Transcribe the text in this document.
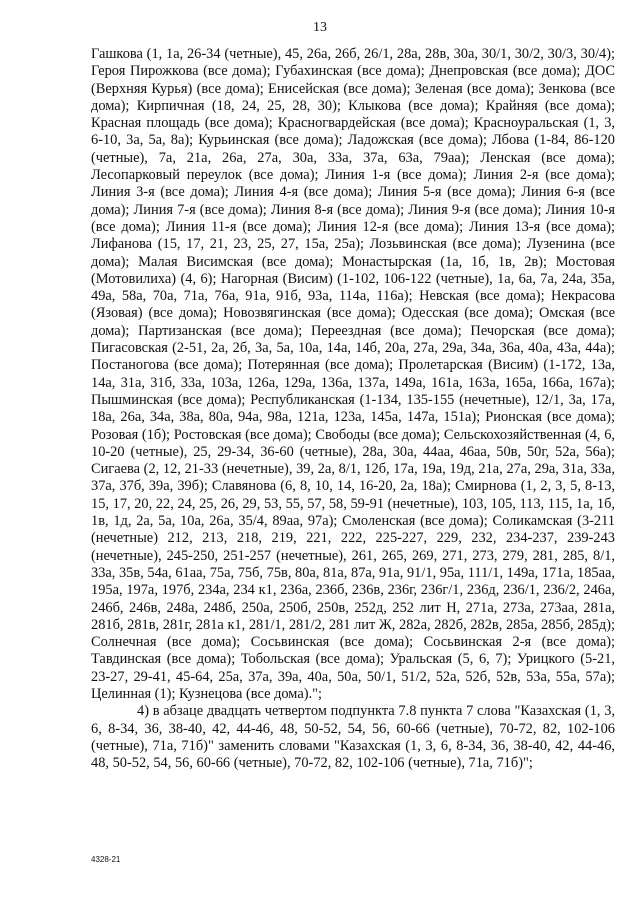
13

Гашкова (1, 1а, 26-34 (четные), 45, 26а, 26б, 26/1, 28а, 28в, 30а, 30/1, 30/2, 30/3, 30/4); Героя Пирожкова (все дома); Губахинская (все дома); Днепровская (все дома); ДОС (Верхняя Курья) (все дома); Енисейская (все дома); Зеленая (все дома); Зенкова (все дома); Кирпичная (18, 24, 25, 28, 30); Клыкова (все дома); Крайняя (все дома); Красная площадь (все дома); Красногвардейская (все дома); Красноуральская (1, 3, 6-10, 3а, 5а, 8а); Курьинская (все дома); Ладожская (все дома); Лбова (1-84, 86-120 (четные), 7а, 21а, 26а, 27а, 30а, 33а, 37а, 63а, 79аа); Ленская (все дома); Лесопарковый переулок (все дома); Линия 1-я (все дома); Линия 2-я (все дома); Линия 3-я (все дома); Линия 4-я (все дома); Линия 5-я (все дома); Линия 6-я (все дома); Линия 7-я (все дома); Линия 8-я (все дома); Линия 9-я (все дома); Линия 10-я (все дома); Линия 11-я (все дома); Линия 12-я (все дома); Линия 13-я (все дома); Лифанова (15, 17, 21, 23, 25, 27, 15а, 25а); Лозьвинская (все дома); Лузенина (все дома); Малая Висимская (все дома); Монастырская (1а, 1б, 1в, 2в); Мостовая (Мотовилиха) (4, 6); Нагорная (Висим) (1-102, 106-122 (четные), 1а, 6а, 7а, 24а, 35а, 49а, 58а, 70а, 71а, 76а, 91а, 91б, 93а, 114а, 116а); Невская (все дома); Некрасова (Язовая) (все дома); Новозвягинская (все дома); Одесская (все дома); Омская (все дома); Партизанская (все дома); Переездная (все дома); Печорская (все дома); Пигасовская (2-51, 2а, 2б, 3а, 5а, 10а, 14а, 14б, 20а, 27а, 29а, 34а, 36а, 40а, 43а, 44а); Постаногова (все дома); Потерянная (все дома); Пролетарская (Висим) (1-172, 13а, 14а, 31а, 31б, 33а, 103а, 126а, 129а, 136а, 137а, 149а, 161а, 163а, 165а, 166а, 167а); Пышминская (все дома); Республиканская (1-134, 135-155 (нечетные), 12/1, 3а, 17а, 18а, 26а, 34а, 38а, 80а, 94а, 98а, 121а, 123а, 145а, 147а, 151а); Рионская (все дома); Розовая (1б); Ростовская (все дома); Свободы (все дома); Сельскохозяйственная (4, 6, 10-20 (четные), 25, 29-34, 36-60 (четные), 28а, 30а, 44аа, 46аа, 50в, 50г, 52а, 56а); Сигаева (2, 12, 21-33 (нечетные), 39, 2а, 8/1, 12б, 17а, 19а, 19д, 21а, 27а, 29а, 31а, 33а, 37а, 37б, 39а, 39б); Славянова (6, 8, 10, 14, 16-20, 2а, 18а); Смирнова (1, 2, 3, 5, 8-13, 15, 17, 20, 22, 24, 25, 26, 29, 53, 55, 57, 58, 59-91 (нечетные), 103, 105, 113, 115, 1а, 1б, 1в, 1д, 2а, 5а, 10а, 26а, 35/4, 89аа, 97а); Смоленская (все дома); Соликамская (3-211 (нечетные) 212, 213, 218, 219, 221, 222, 225-227, 229, 232, 234-237, 239-243 (нечетные), 245-250, 251-257 (нечетные), 261, 265, 269, 271, 273, 279, 281, 285, 8/1, 33а, 35в, 54а, 61аа, 75а, 75б, 75в, 80а, 81а, 87а, 91а, 91/1, 95а, 111/1, 149а, 171а, 185аа, 195а, 197а, 197б, 234а, 234 к1, 236а, 236б, 236в, 236г, 236г/1, 236д, 236/1, 236/2, 246а, 246б, 246в, 248а, 248б, 250а, 250б, 250в, 252д, 252 лит Н, 271а, 273а, 273аа, 281а, 281б, 281в, 281г, 281а к1, 281/1, 281/2, 281 лит Ж, 282а, 282б, 282в, 285а, 285б, 285д); Солнечная (все дома); Сосьвинская (все дома); Сосьвинская 2-я (все дома); Тавдинская (все дома); Тобольская (все дома); Уральская (5, 6, 7); Урицкого (5-21, 23-27, 29-41, 45-64, 25а, 37а, 39а, 40а, 50а, 50/1, 51/2, 52а, 52б, 52в, 53а, 55а, 57а); Целинная (1); Кузнецова (все дома).";

4) в абзаце двадцать четвертом подпункта 7.8 пункта 7 слова "Казахская (1, 3, 6, 8-34, 36, 38-40, 42, 44-46, 48, 50-52, 54, 56, 60-66 (четные), 70-72, 82, 102-106 (четные), 71а, 71б)" заменить словами "Казахская (1, 3, 6, 8-34, 36, 38-40, 42, 44-46, 48, 50-52, 54, 56, 60-66 (четные), 70-72, 82, 102-106 (четные), 71а, 71б)";

4328-21
